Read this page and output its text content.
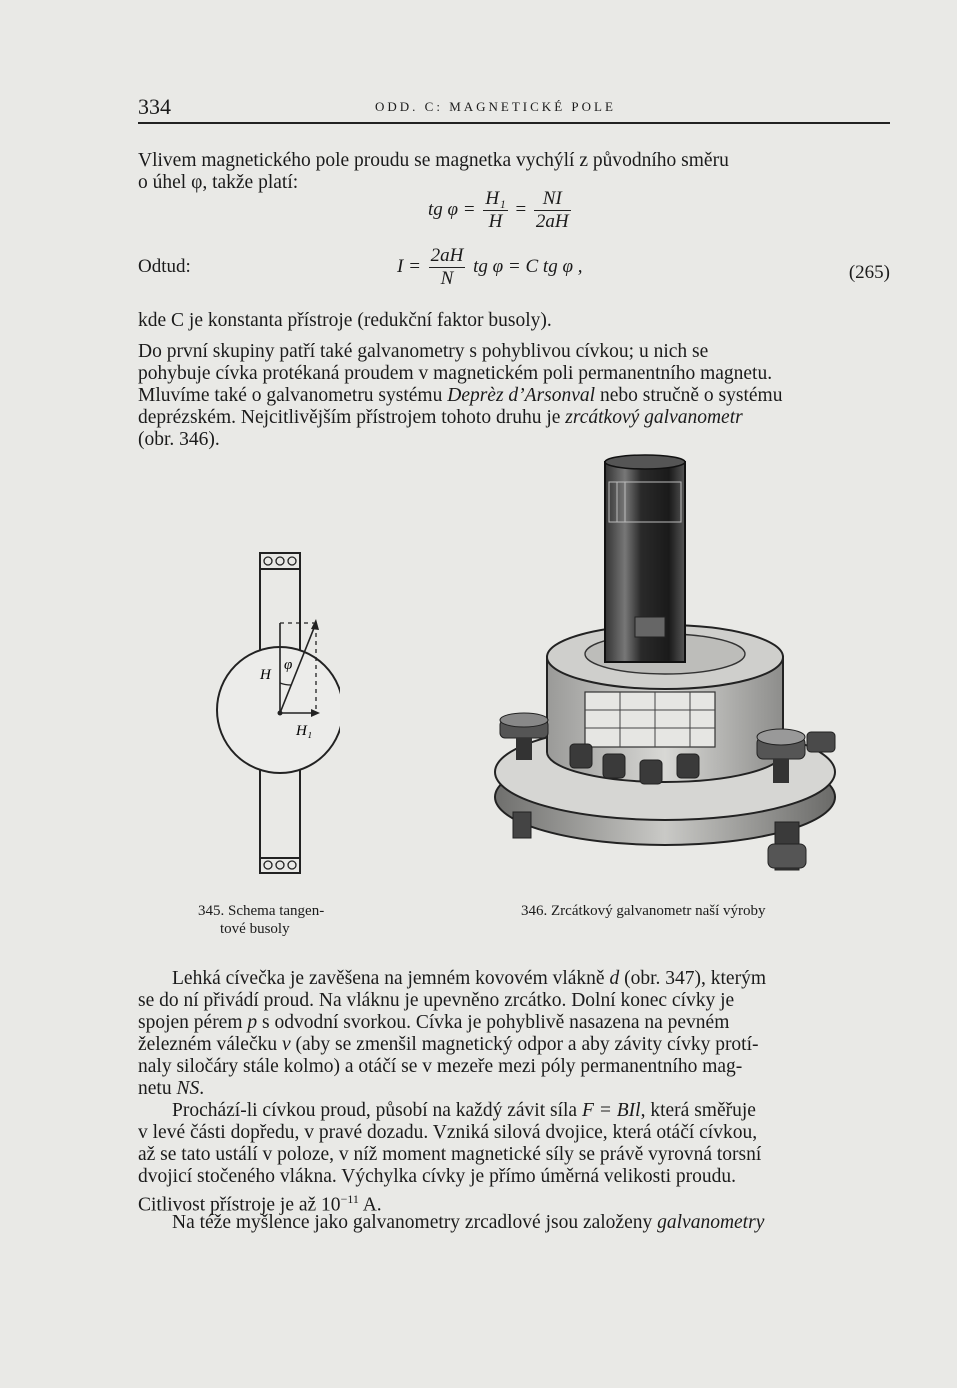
334	ODD. C: MAGNETICKÉ POLE

Vlivem magnetického pole proudu se magnetka vychýlí z původního směru
o úhel φ, takže platí:

tg $\varphi = \frac{\text{H₁}}{H} = \frac{NI}{2aH}$
Odtud:	$I = \frac{2aH}{N}$ tg φ = C tg φ ,	(265)

kde C je konstanta přístroje (redukční faktor busoly).

Do první skupiny patří také galvanometry s pohyblivou cívkou; u nich se
pohybuje cívka protékaná proudem v magnetickém poli permanentního magnetu.
Mluvíme také o galvanometru systému Deprèz d’Arsonval nebo stručně o systému
deprézském. Nejcitlivějším přístrojem tohoto druhu je zrcátkový galvanometr
(obr. 346).

H
φ
H₁
345. Schema tangen-
tové busoly
346. Zrcátkový galvanometr naší výroby

Lehká cívečka je zavěšena na jemném kovovém vlákně d (obr. 347), kterým

se do ní přivádí proud. Na vláknu je upevněno zrcátko. Dolní konec cívky je
spojen pérem p s odvodní svorkou. Cívka je pohyblivě nasazena na pevném
železném válečku v (aby se zmenšil magnetický odpor a aby závity cívky protí-
naly siločáry stále kolmo) a otáčí se v mezeře mezi póly permanentního mag-
netu NS.

Prochází-li cívkou proud, působí na každý závit síla F = BIl, která směřuje

v levé části dopředu, v pravé dozadu. Vzniká silová dvojice, která otáčí cívkou,
až se tato ustálí v poloze, v níž moment magnetické síly se právě vyrovná torsní
dvojicí stočeného vlákna. Výchylka cívky je přímo úměrná velikosti proudu.
Citlivost přístroje je až $10^{-11}$ A.

Na téže myšlence jako galvanometry zrcadlové jsou založeny galvanometry
